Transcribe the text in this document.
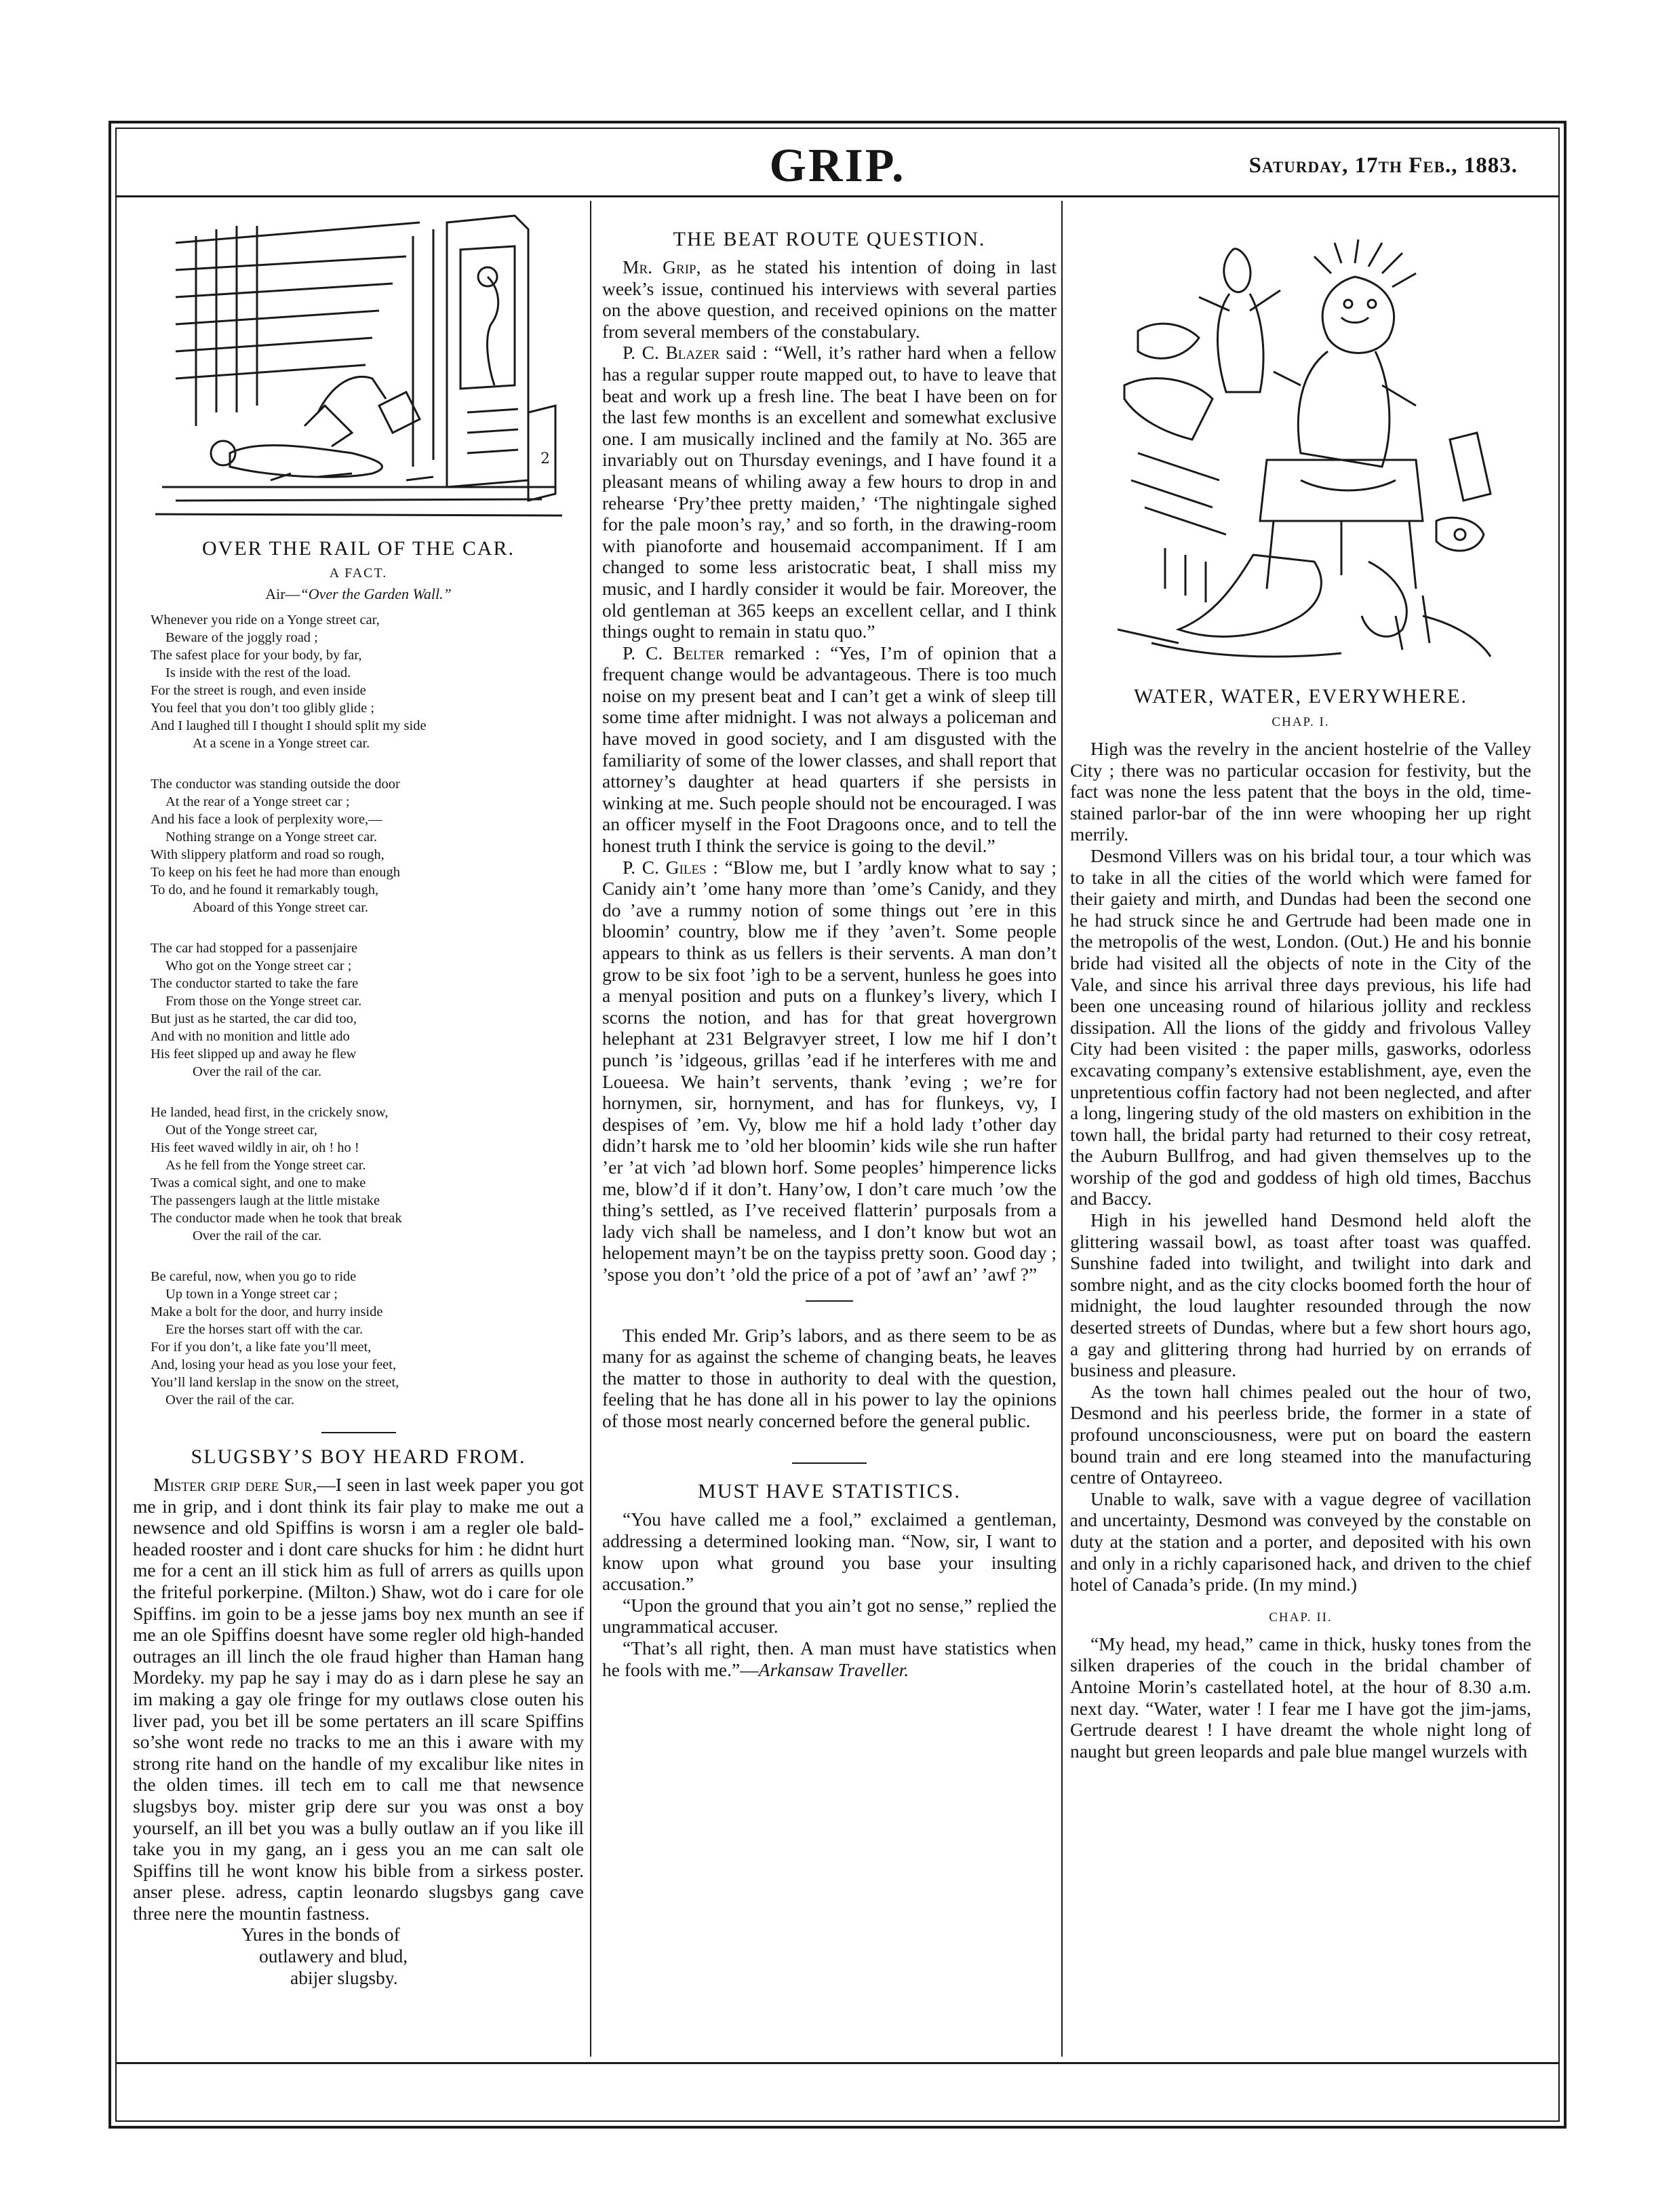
GRIP.	Saturday, 17th Feb., 1883.
2
OVER THE RAIL OF THE CAR.
A FACT.
Air—“Over the Garden Wall.”
Whenever you ride on a Yonge street car,
Beware of the joggly road ;
The safest place for your body, by far,
Is inside with the rest of the load.
For the street is rough, and even inside
You feel that you don’t too glibly glide ;
And I laughed till I thought I should split my side
At a scene in a Yonge street car.
The conductor was standing outside the door
At the rear of a Yonge street car ;
And his face a look of perplexity wore,—
Nothing strange on a Yonge street car.
With slippery platform and road so rough,
To keep on his feet he had more than enough
To do, and he found it remarkably tough,
Aboard of this Yonge street car.
The car had stopped for a passenjaire
Who got on the Yonge street car ;
The conductor started to take the fare
From those on the Yonge street car.
But just as he started, the car did too,
And with no monition and little ado
His feet slipped up and away he flew
Over the rail of the car.
He landed, head first, in the crickely snow,
Out of the Yonge street car,
His feet waved wildly in air, oh ! ho !
As he fell from the Yonge street car.
Twas a comical sight, and one to make
The passengers laugh at the little mistake
The conductor made when he took that break
Over the rail of the car.
Be careful, now, when you go to ride
Up town in a Yonge street car ;
Make a bolt for the door, and hurry inside
Ere the horses start off with the car.
For if you don’t, a like fate you’ll meet,
And, losing your head as you lose your feet,
You’ll land kerslap in the snow on the street,
Over the rail of the car.
SLUGSBY’S BOY HEARD FROM.

Mister grip dere Sur,—I seen in last week paper you got me in grip, and i dont think its fair play to make me out a newsence and old Spiffins is worsn i am a regler ole bald-headed rooster and i dont care shucks for him : he didnt hurt me for a cent an ill stick him as full of arrers as quills upon the friteful porkerpine. (Milton.) Shaw, wot do i care for ole Spiffins. im goin to be a jesse jams boy nex munth an see if me an ole Spiffins doesnt have some regler old high-handed outrages an ill linch the ole fraud higher than Haman hang Mordeky. my pap he say i may do as i darn plese he say an im making a gay ole fringe for my outlaws close outen his liver pad, you bet ill be some pertaters an ill scare Spiffins so’she wont rede no tracks to me an this i aware with my strong rite hand on the handle of my excalibur like nites in the olden times. ill tech em to call me that newsence slugsbys boy. mister grip dere sur you was onst a boy yourself, an ill bet you was a bully outlaw an if you like ill take you in my gang, an i gess you an me can salt ole Spiffins till he wont know his bible from a sirkess poster. anser plese. adress, captin leonardo slugsbys gang cave three nere the mountin fastness.

Yures in the bonds of

outlawery and blud,

abijer slugsby.

THE BEAT ROUTE QUESTION.

Mr. Grip, as he stated his intention of doing in last week’s issue, continued his interviews with several parties on the above question, and received opinions on the matter from several members of the constabulary.

P. C. Blazer said : “Well, it’s rather hard when a fellow has a regular supper route mapped out, to have to leave that beat and work up a fresh line. The beat I have been on for the last few months is an excellent and somewhat exclusive one. I am musically inclined and the family at No. 365 are invariably out on Thursday evenings, and I have found it a pleasant means of whiling away a few hours to drop in and rehearse ‘Pry’thee pretty maiden,’ ‘The nightingale sighed for the pale moon’s ray,’ and so forth, in the drawing-room with pianoforte and housemaid accompaniment. If I am changed to some less aristocratic beat, I shall miss my music, and I hardly consider it would be fair. Moreover, the old gentleman at 365 keeps an excellent cellar, and I think things ought to remain in statu quo.”

P. C. Belter remarked : “Yes, I’m of opinion that a frequent change would be advantageous. There is too much noise on my present beat and I can’t get a wink of sleep till some time after midnight. I was not always a policeman and have moved in good society, and I am disgusted with the familiarity of some of the lower classes, and shall report that attorney’s daughter at head quarters if she persists in winking at me. Such people should not be encouraged. I was an officer myself in the Foot Dragoons once, and to tell the honest truth I think the service is going to the devil.”

P. C. Giles : “Blow me, but I ’ardly know what to say ; Canidy ain’t ’ome hany more than ’ome’s Canidy, and they do ’ave a rummy notion of some things out ’ere in this bloomin’ country, blow me if they ’aven’t. Some people appears to think as us fellers is their servents. A man don’t grow to be six foot ’igh to be a servent, hunless he goes into a menyal position and puts on a flunkey’s livery, which I scorns the notion, and has for that great hovergrown helephant at 231 Belgravyer street, I low me hif I don’t punch ’is ’idgeous, grillas ’ead if he interferes with me and Loueesa. We hain’t servents, thank ’eving ; we’re for hornymen, sir, hornyment, and has for flunkeys, vy, I despises of ’em. Vy, blow me hif a hold lady t’other day didn’t harsk me to ’old her bloomin’ kids wile she run hafter ’er ’at vich ’ad blown horf. Some peoples’ himperence licks me, blow’d if it don’t. Hany’ow, I don’t care much ’ow the thing’s settled, as I’ve received flatterin’ purposals from a lady vich shall be nameless, and I don’t know but wot an helopement mayn’t be on the taypiss pretty soon. Good day ; ’spose you don’t ’old the price of a pot of ’awf an’ ’awf ?”

This ended Mr. Grip’s labors, and as there seem to be as many for as against the scheme of changing beats, he leaves the matter to those in authority to deal with the question, feeling that he has done all in his power to lay the opinions of those most nearly concerned before the general public.

MUST HAVE STATISTICS.

“You have called me a fool,” exclaimed a gentleman, addressing a determined looking man. “Now, sir, I want to know upon what ground you base your insulting accusation.”

“Upon the ground that you ain’t got no sense,” replied the ungrammatical accuser.

“That’s all right, then. A man must have statistics when he fools with me.”—Arkansaw Traveller.

WATER, WATER, EVERYWHERE.
CHAP. I.

High was the revelry in the ancient hostelrie of the Valley City ; there was no particular occasion for festivity, but the fact was none the less patent that the boys in the old, time-stained parlor-bar of the inn were whooping her up right merrily.

Desmond Villers was on his bridal tour, a tour which was to take in all the cities of the world which were famed for their gaiety and mirth, and Dundas had been the second one he had struck since he and Gertrude had been made one in the metropolis of the west, London. (Out.) He and his bonnie bride had visited all the objects of note in the City of the Vale, and since his arrival three days previous, his life had been one unceasing round of hilarious jollity and reckless dissipation. All the lions of the giddy and frivolous Valley City had been visited : the paper mills, gasworks, odorless excavating company’s extensive establishment, aye, even the unpretentious coffin factory had not been neglected, and after a long, lingering study of the old masters on exhibition in the town hall, the bridal party had returned to their cosy retreat, the Auburn Bullfrog, and had given themselves up to the worship of the god and goddess of high old times, Bacchus and Baccy.

High in his jewelled hand Desmond held aloft the glittering wassail bowl, as toast after toast was quaffed. Sunshine faded into twilight, and twilight into dark and sombre night, and as the city clocks boomed forth the hour of midnight, the loud laughter resounded through the now deserted streets of Dundas, where but a few short hours ago, a gay and glittering throng had hurried by on errands of business and pleasure.

As the town hall chimes pealed out the hour of two, Desmond and his peerless bride, the former in a state of profound unconsciousness, were put on board the eastern bound train and ere long steamed into the manufacturing centre of Ontayreeo.

Unable to walk, save with a vague degree of vacillation and uncertainty, Desmond was conveyed by the constable on duty at the station and a porter, and deposited with his own and only in a richly caparisoned hack, and driven to the chief hotel of Canada’s pride. (In my mind.)

CHAP. II.

“My head, my head,” came in thick, husky tones from the silken draperies of the couch in the bridal chamber of Antoine Morin’s castellated hotel, at the hour of 8.30 a.m. next day. “Water, water ! I fear me I have got the jim-jams, Gertrude dearest ! I have dreamt the whole night long of naught but green leopards and pale blue mangel wurzels with
